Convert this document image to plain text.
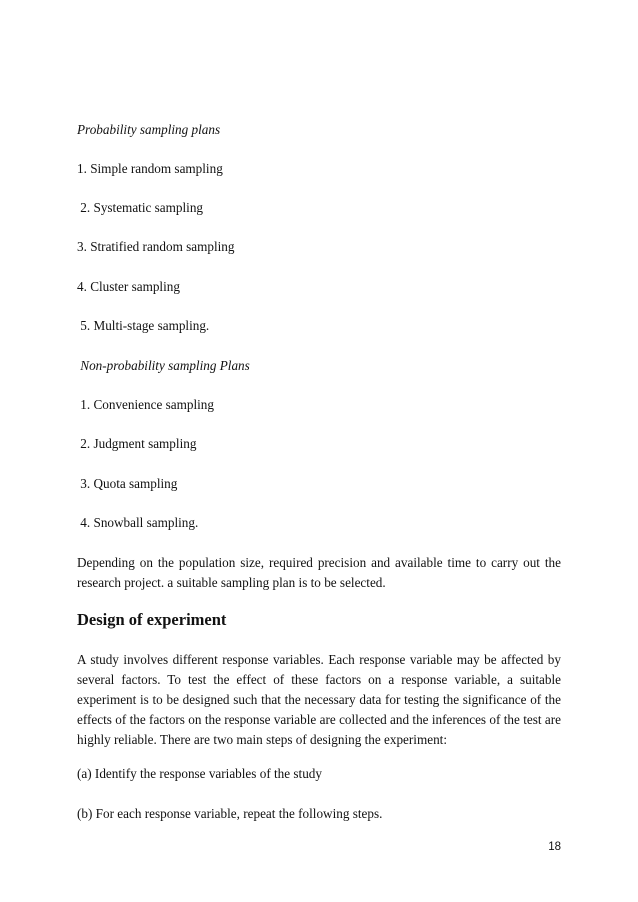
Probability sampling plans
1. Simple random sampling
2. Systematic sampling
3. Stratified random sampling
4. Cluster sampling
5. Multi-stage sampling.
Non-probability sampling Plans
1. Convenience sampling
2. Judgment sampling
3. Quota sampling
4. Snowball sampling.
Depending on the population size, required precision and available time to carry out the research project. a suitable sampling plan is to be selected.
Design of experiment
A study involves different response variables. Each response variable may be affected by several factors. To test the effect of these factors on a response variable, a suitable experiment is to be designed such that the necessary data for testing the significance of the effects of the factors on the response variable are collected and the inferences of the test are highly reliable. There are two main steps of designing the experiment:
(a) Identify the response variables of the study
(b) For each response variable, repeat the following steps.
18
